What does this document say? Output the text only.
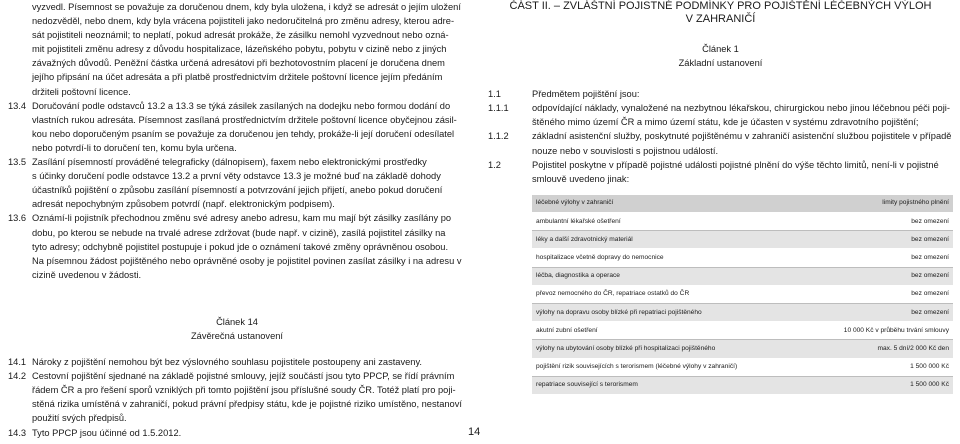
vyzvedl. Písemnost se považuje za doručenou dnem, kdy byla uložena, i když se adresát o jejím uložení
nedozvěděl, nebo dnem, kdy byla vrácena pojistiteli jako nedoručitelná pro změnu adresy, kterou adre-
sát pojistiteli neoznámil; to neplatí, pokud adresát prokáže, že zásilku nemohl vyzvednout nebo ozná-
mit pojistiteli změnu adresy z důvodu hospitalizace, lázeňského pobytu, pobytu v cizině nebo z jiných
závažných důvodů. Peněžní částka určená adresátovi při bezhotovostním placení je doručena dnem
jejího připsání na účet adresáta a při platbě prostřednictvím držitele poštovní licence jejím předáním
držiteli poštovní licence.
13.4 Doručování podle odstavců 13.2 a 13.3 se týká zásilek zasílaných na dodejku nebo formou dodání do
vlastních rukou adresáta. Písemnost zasílaná prostřednictvím držitele poštovní licence obyčejnou zásil-
kou nebo doporučeným psaním se považuje za doručenou jen tehdy, prokáže-li její doručení odesílatel
nebo potvrdí-li to doručení ten, komu byla určena.
13.5 Zasílání písemností prováděné telegraficky (dálnopisem), faxem nebo elektronickými prostředky
s účinky doručení podle odstavce 13.2 a první věty odstavce 13.3 je možné buď na základě dohody
účastníků pojištění o způsobu zasílání písemností a potvrzování jejich přijetí, anebo pokud doručení
adresát nepochybným způsobem potvrdí (např. elektronickým podpisem).
13.6 Oznámí-li pojistník přechodnou změnu své adresy anebo adresu, kam mu mají být zásilky zasílány po
dobu, po kterou se nebude na trvalé adrese zdržovat (bude např. v cizině), zasílá pojistitel zásilky na
tyto adresy; odchybně pojistitel postupuje i pokud jde o oznámení takové změny oprávněnou osobou.
Na písemnou žádost pojištěného nebo oprávněné osoby je pojistitel povinen zasílat zásilky i na adresu v
cizině uvedenou v žádosti.
Článek 14
Závěrečná ustanovení
14.1 Nároky z pojištění nemohou být bez výslovného souhlasu pojistitele postoupeny ani zastaveny.
14.2 Cestovní pojištění sjednané na základě pojistné smlouvy, jejíž součástí jsou tyto PPCP, se řídí právním
řádem ČR a pro řešení sporů vzniklých při tomto pojištění jsou příslušné soudy ČR. Totéž platí pro poji-
stěná rizika umístěná v zahraničí, pokud právní předpisy státu, kde je pojistné riziko umístěno, nestanoví
použití svých předpisů.
14.3 Tyto PPCP jsou účinné od 1.5.2012.	14
ČÁST II. – ZVLÁŠTNÍ POJISTNÉ PODMÍNKY PRO POJIŠTĚNÍ LÉČEBNÝCH VÝLOH
V ZAHRANIČÍ
Článek 1
Základní ustanovení
1.1	Předmětem pojištění jsou:
1.1.1	odpovídající náklady, vynaložené na nezbytnou lékařskou, chirurgickou nebo jinou léčebnou péči poji-
štěného mimo území ČR a mimo území státu, kde je účasten v systému zdravotního pojištění;
1.1.2	základní asistenční služby, poskytnuté pojištěnému v zahraničí asistenční službou pojistitele v případě
nouze nebo v souvislosti s pojistnou událostí.
1.2	Pojistitel poskytne v případě pojistné události pojistné plnění do výše těchto limitů, není-li v pojistné
smlouvě uvedeno jinak:
léčebné výlohy v zahraničí	limity pojistného plnění
ambulantní lékařské ošetření	bez omezení
léky a další zdravotnický materiál	bez omezení
hospitalizace včetně dopravy do nemocnice	bez omezení
léčba, diagnostika a operace	bez omezení
převoz nemocného do ČR, repatriace ostatků do ČR	bez omezení
výlohy na dopravu osoby blízké při repatriaci pojištěného	bez omezení
akutní zubní ošetření	10 000 Kč v průběhu trvání smlouvy
výlohy na ubytování osoby blízké při hospitalizaci pojištěného	max. 5 dní/2 000 Kč den
pojištění rizik souvisejících s terorismem (léčebné výlohy v zahraničí)	1 500 000 Kč
repatriace související s terorismem	1 500 000 Kč
